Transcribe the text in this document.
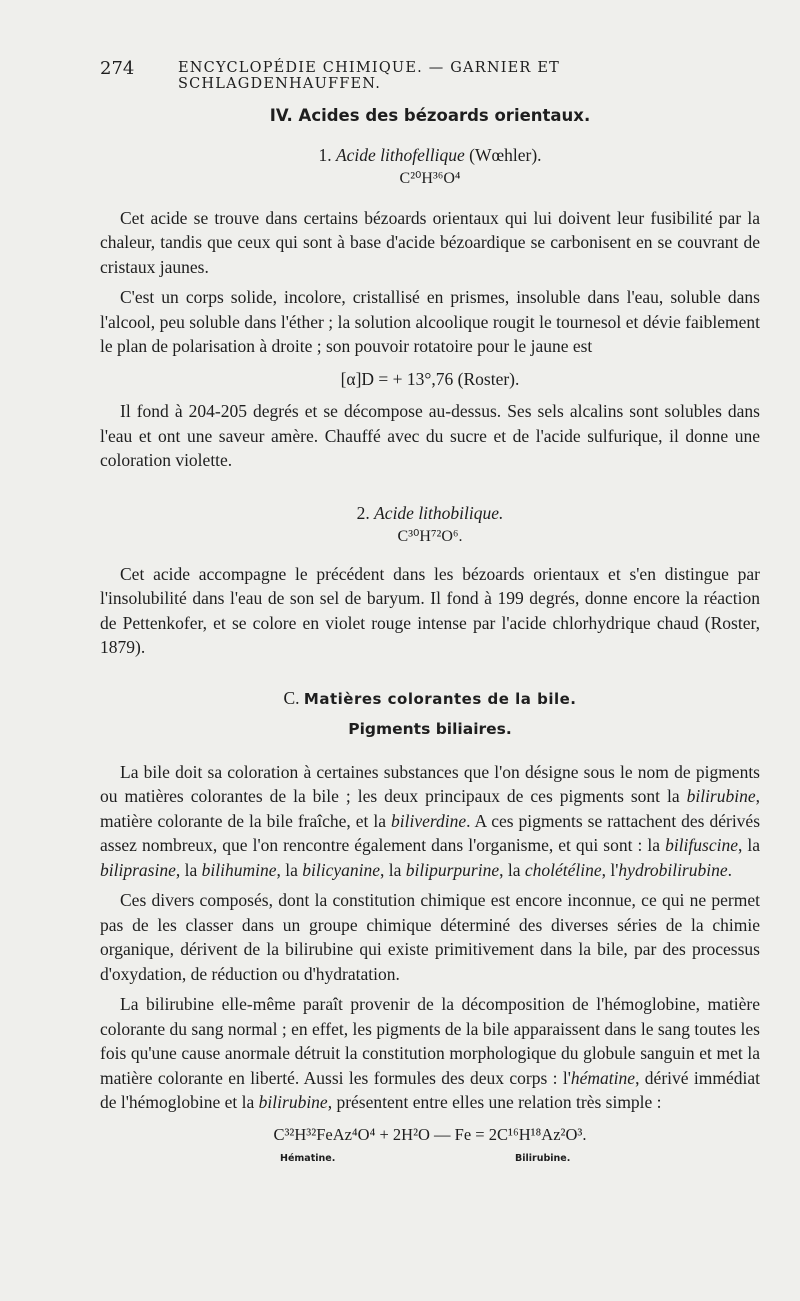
274	ENCYCLOPÉDIE CHIMIQUE. — GARNIER ET SCHLAGDENHAUFFEN.

IV. Acides des bézoards orientaux.

1. Acide lithofellique (Wœhler).

C²⁰H³⁶O⁴

Cet acide se trouve dans certains bézoards orientaux qui lui doivent leur fusibilité par la chaleur, tandis que ceux qui sont à base d'acide bézoardique se carbonisent en se couvrant de cristaux jaunes.

C'est un corps solide, incolore, cristallisé en prismes, insoluble dans l'eau, soluble dans l'alcool, peu soluble dans l'éther ; la solution alcoolique rougit le tournesol et dévie faiblement le plan de polarisation à droite ; son pouvoir rotatoire pour le jaune est

[α]D = + 13°,76 (Roster).

Il fond à 204-205 degrés et se décompose au-dessus. Ses sels alcalins sont solubles dans l'eau et ont une saveur amère. Chauffé avec du sucre et de l'acide sulfurique, il donne une coloration violette.

2. Acide lithobilique.

C³⁰H⁷²O⁶.

Cet acide accompagne le précédent dans les bézoards orientaux et s'en distingue par l'insolubilité dans l'eau de son sel de baryum. Il fond à 199 degrés, donne encore la réaction de Pettenkofer, et se colore en violet rouge intense par l'acide chlorhydrique chaud (Roster, 1879).

C. Matières colorantes de la bile.

Pigments biliaires.

La bile doit sa coloration à certaines substances que l'on désigne sous le nom de pigments ou matières colorantes de la bile ; les deux principaux de ces pigments sont la bilirubine, matière colorante de la bile fraîche, et la biliverdine. A ces pigments se rattachent des dérivés assez nombreux, que l'on rencontre également dans l'organisme, et qui sont : la bilifuscine, la biliprasine, la bilihumine, la bilicyanine, la bilipurpurine, la cholétéline, l'hydrobilirubine.

Ces divers composés, dont la constitution chimique est encore inconnue, ce qui ne permet pas de les classer dans un groupe chimique déterminé des diverses séries de la chimie organique, dérivent de la bilirubine qui existe primitivement dans la bile, par des processus d'oxydation, de réduction ou d'hydratation.

La bilirubine elle-même paraît provenir de la décomposition de l'hémoglobine, matière colorante du sang normal ; en effet, les pigments de la bile apparaissent dans le sang toutes les fois qu'une cause anormale détruit la constitution morphologique du globule sanguin et met la matière colorante en liberté. Aussi les formules des deux corps : l'hématine, dérivé immédiat de l'hémoglobine et la bilirubine, présentent entre elles une relation très simple :

C³²H³²FeAz⁴O⁴ + 2H²O — Fe = 2C¹⁶H¹⁸Az²O³.

Hématine.	Bilirubine.
